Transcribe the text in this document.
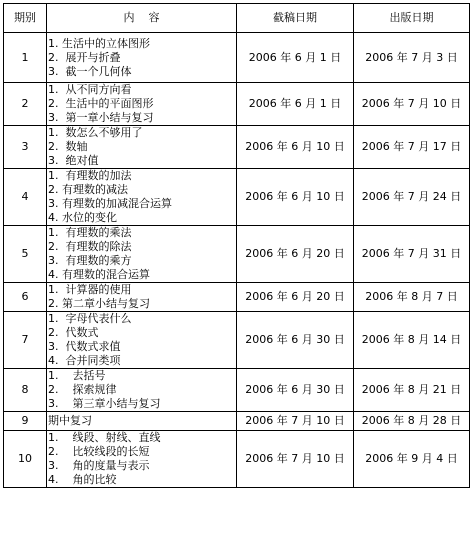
期别	内    容	截稿日期	出版日期
1	1. 生活中的立体图形
2.  展开与折叠
3.  截一个几何体	2006 年 6 月 1 日	2006 年 7 月 3 日
2	1.  从不同方向看
2.  生活中的平面图形
3.  第一章小结与复习	2006 年 6 月 1 日	2006 年 7 月 10 日
3	1.  数怎么不够用了
2.  数轴
3.  绝对值	2006 年 6 月 10 日	2006 年 7 月 17 日
4	1.  有理数的加法
2. 有理数的减法
3. 有理数的加减混合运算
4. 水位的变化	2006 年 6 月 10 日	2006 年 7 月 24 日
5	1.  有理数的乘法
2.  有理数的除法
3.  有理数的乘方
4. 有理数的混合运算	2006 年 6 月 20 日	2006 年 7 月 31 日
6	1.  计算器的使用
2. 第二章小结与复习	2006 年 6 月 20 日	2006 年 8 月 7 日
7	1.  字母代表什么
2.  代数式
3.  代数式求值
4.  合并同类项	2006 年 6 月 30 日	2006 年 8 月 14 日
8	1.    去括号
2.    探索规律
3.    第三章小结与复习	2006 年 6 月 30 日	2006 年 8 月 21 日
9	期中复习	2006 年 7 月 10 日	2006 年 8 月 28 日
10	1.    线段、射线、直线
2.    比较线段的长短
3.    角的度量与表示
4.    角的比较	2006 年 7 月 10 日	2006 年 9 月 4 日
